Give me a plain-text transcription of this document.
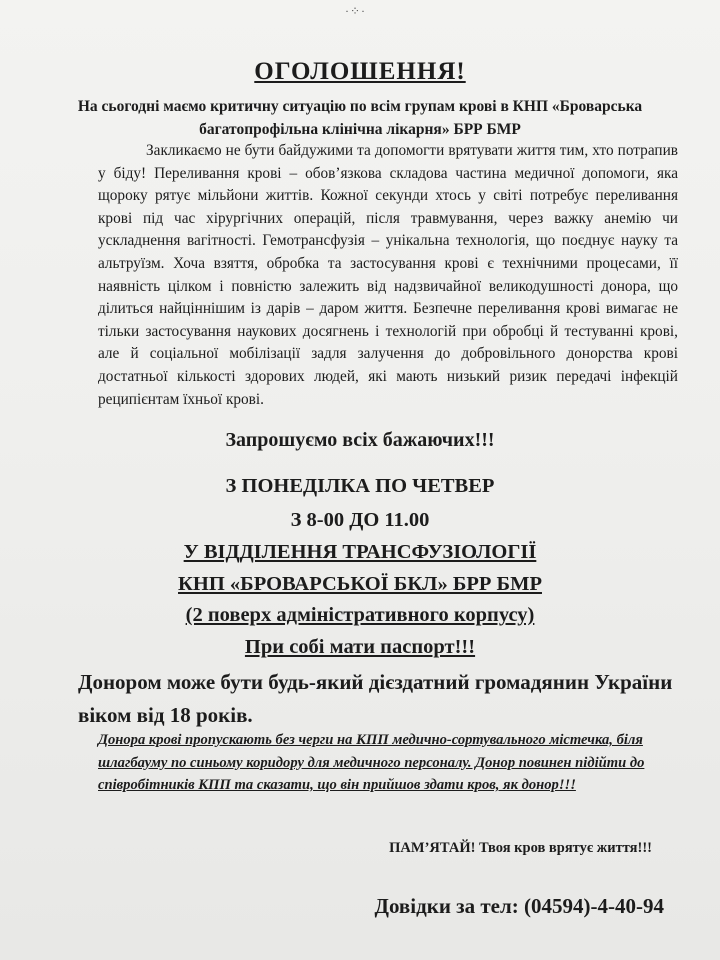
·⁘·
ОГОЛОШЕННЯ!
На сьогодні маємо критичну ситуацію по всім групам крові в КНП «Броварська багатопрофільна клінічна лікарня» БРР БМР
Закликаємо не бути байдужими та допомогти врятувати життя тим, хто потрапив у біду! Переливання крові – обов’язкова складова частина медичної допомоги, яка щороку рятує мільйони життів. Кожної секунди хтось у світі потребує переливання крові під час хірургічних операцій, після травмування, через важку анемію чи ускладнення вагітності. Гемотрансфузія – унікальна технологія, що поєднує науку та альтруїзм. Хоча взяття, обробка та застосування крові є технічними процесами, її наявність цілком і повністю залежить від надзвичайної великодушності донора, що ділиться найціннішим із дарів – даром життя. Безпечне переливання крові вимагає не тільки застосування наукових досягнень і технологій при обробці й тестуванні крові, але й соціальної мобілізації задля залучення до добровільного донорства крові достатньої кількості здорових людей, які мають низький ризик передачі інфекцій реципієнтам їхньої крові.
Запрошуємо всіх бажаючих!!!
З ПОНЕДІЛКА ПО ЧЕТВЕР
З 8-00 ДО 11.00
У ВІДДІЛЕННЯ ТРАНСФУЗІОЛОГІЇ
КНП «БРОВАРСЬКОЇ БКЛ» БРР БМР
(2 поверх адміністративного корпусу)
При собі мати паспорт!!!
Донором може бути будь-який дієздатний громадянин України віком від 18 років.
Донора крові пропускають без черги на КПП медично-сортувального містечка, біля шлагбауму по синьому коридору для медичного персоналу. Донор повинен підійти до співробітників КПП та сказати, що він прийшов здати кров, як донор!!!
ПАМ’ЯТАЙ! Твоя кров врятує життя!!!
Довідки за тел: (04594)-4-40-94
